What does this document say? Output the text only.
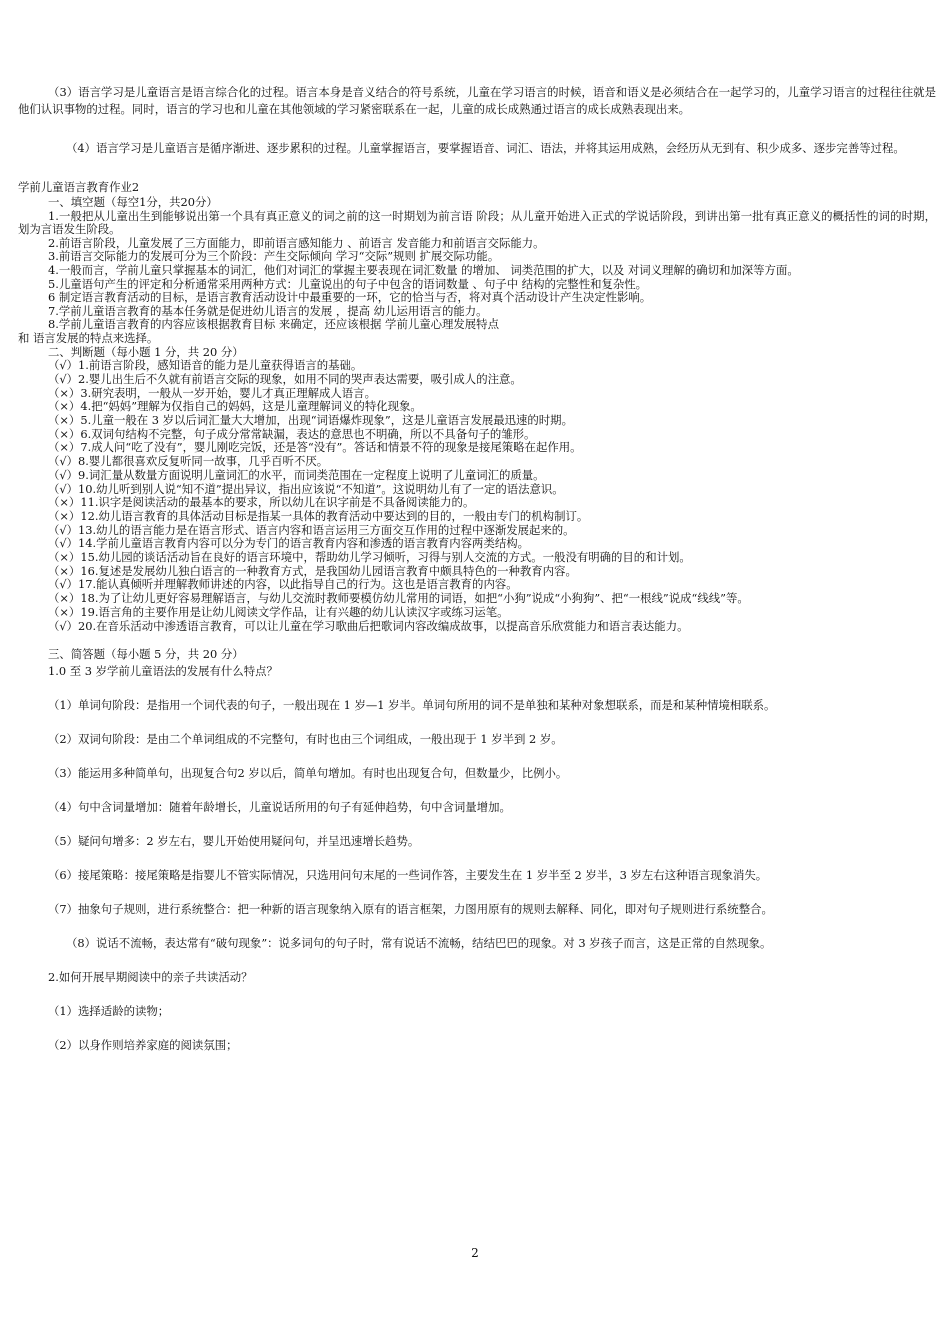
（3）语言学习是儿童语言是语言综合化的过程。语言本身是音义结合的符号系统，儿童在学习语言的时候，语音和语义是必须结合在一起学习的，儿童学习语言的过程往往就是他们认识事物的过程。同时，语言的学习也和儿童在其他领域的学习紧密联系在一起，儿童的成长成熟通过语言的成长成熟表现出来。

（4）语言学习是儿童语言是循序渐进、逐步累积的过程。儿童掌握语言，要掌握语音、词汇、语法，并将其运用成熟，会经历从无到有、积少成多、逐步完善等过程。

学前儿童语言教育作业2

一、填空题（每空1分，共20分）

1.一般把从儿童出生到能够说出第一个具有真正意义的词之前的这一时期划为前言语 阶段；从儿童开始进入正式的学说话阶段，到讲出第一批有真正意义的概括性的词的时期，划为言语发生阶段。

2.前语言阶段，儿童发展了三方面能力，即前语言感知能力 、前语言 发音能力和前语言交际能力。

3.前语言交际能力的发展可分为三个阶段：产生交际倾向 学习“交际”规则 扩展交际功能。

4.一般而言，学前儿童只掌握基本的词汇，他们对词汇的掌握主要表现在词汇数量 的增加、 词类范围的扩大，以及 对词义理解的确切和加深等方面。

5.儿童语句产生的评定和分析通常采用两种方式：儿童说出的句子中包含的语词数量 、句子中 结构的完整性和复杂性。

6 制定语言教育活动的目标，是语言教育活动设计中最重要的一环，它的恰当与否，将对真个活动设计产生决定性影响。

7.学前儿童语言教育的基本任务就是促进幼儿语言的发展 ，提高 幼儿运用语言的能力。

8.学前儿童语言教育的内容应该根据教育目标 来确定，还应该根据 学前儿童心理发展特点

和 语言发展的特点来选择。

二、判断题（每小题 1 分，共 20 分）

（√）1.前语言阶段，感知语音的能力是儿童获得语言的基础。

（√）2.婴儿出生后不久就有前语言交际的现象，如用不同的哭声表达需要，吸引成人的注意。

（×）3.研究表明，一般从一岁开始，婴儿才真正理解成人语言。

（×）4.把“妈妈”理解为仅指自己的妈妈，这是儿童理解词义的特化现象。

（×）5.儿童一般在 3 岁以后词汇量大大增加，出现“词语爆炸现象”，这是儿童语言发展最迅速的时期。

（×）6.双词句结构不完整，句子成分常常缺漏，表达的意思也不明确，所以不具备句子的雏形。

（×）7.成人问“吃了没有”，婴儿刚吃完饭，还是答“没有”。答话和情景不符的现象是接尾策略在起作用。

（√）8.婴儿都很喜欢反复听同一故事，几乎百听不厌。

（√）9.词汇量从数量方面说明儿童词汇的水平，而词类范围在一定程度上说明了儿童词汇的质量。

（√）10.幼儿听到别人说“知不道”提出异议，指出应该说“不知道”。这说明幼儿有了一定的语法意识。

（×）11.识字是阅读活动的最基本的要求，所以幼儿在识字前是不具备阅读能力的。

（×）12.幼儿语言教育的具体活动目标是指某一具体的教育活动中要达到的目的，一般由专门的机构制订。

（√）13.幼儿的语言能力是在语言形式、语言内容和语言运用三方面交互作用的过程中逐渐发展起来的。

（√）14.学前儿童语言教育内容可以分为专门的语言教育内容和渗透的语言教育内容两类结构。

（×）15.幼儿园的谈话活动旨在良好的语言环境中，帮助幼儿学习倾听，习得与别人交流的方式。一般没有明确的目的和计划。

（×）16.复述是发展幼儿独白语言的一种教育方式，是我国幼儿园语言教育中颇具特色的一种教育内容。

（√）17.能认真倾听并理解教师讲述的内容，以此指导自己的行为。这也是语言教育的内容。

（×）18.为了让幼儿更好容易理解语言，与幼儿交流时教师要模仿幼儿常用的词语，如把“小狗”说成“小狗狗”、把“一根线”说成“线线”等。

（×）19.语言角的主要作用是让幼儿阅读文学作品，让有兴趣的幼儿认读汉字或练习运笔。

（√）20.在音乐活动中渗透语言教育，可以让儿童在学习歌曲后把歌词内容改编成故事，以提高音乐欣赏能力和语言表达能力。

三、简答题（每小题 5 分，共 20 分）

1.0 至 3 岁学前儿童语法的发展有什么特点？

（1）单词句阶段：是指用一个词代表的句子，一般出现在 1 岁—1 岁半。单词句所用的词不是单独和某种对象想联系，而是和某种情境相联系。

（2）双词句阶段：是由二个单词组成的不完整句，有时也由三个词组成，一般出现于 1 岁半到 2 岁。

（3）能运用多种简单句，出现复合句2 岁以后，简单句增加。有时也出现复合句，但数量少，比例小。

（4）句中含词量增加：随着年龄增长，儿童说话所用的句子有延伸趋势，句中含词量增加。

（5）疑问句增多：2 岁左右，婴儿开始使用疑问句，并呈迅速增长趋势。

（6）接尾策略：接尾策略是指婴儿不管实际情况，只选用问句末尾的一些词作答，主要发生在 1 岁半至 2 岁半，3 岁左右这种语言现象消失。

（7）抽象句子规则，进行系统整合：把一种新的语言现象纳入原有的语言框架，力图用原有的规则去解释、同化，即对句子规则进行系统整合。

（8）说话不流畅，表达常有“破句现象”：说多词句的句子时，常有说话不流畅，结结巴巴的现象。对 3 岁孩子而言，这是正常的自然现象。

2.如何开展早期阅读中的亲子共读活动？

（1）选择适龄的读物；

（2）以身作则培养家庭的阅读氛围；

2
